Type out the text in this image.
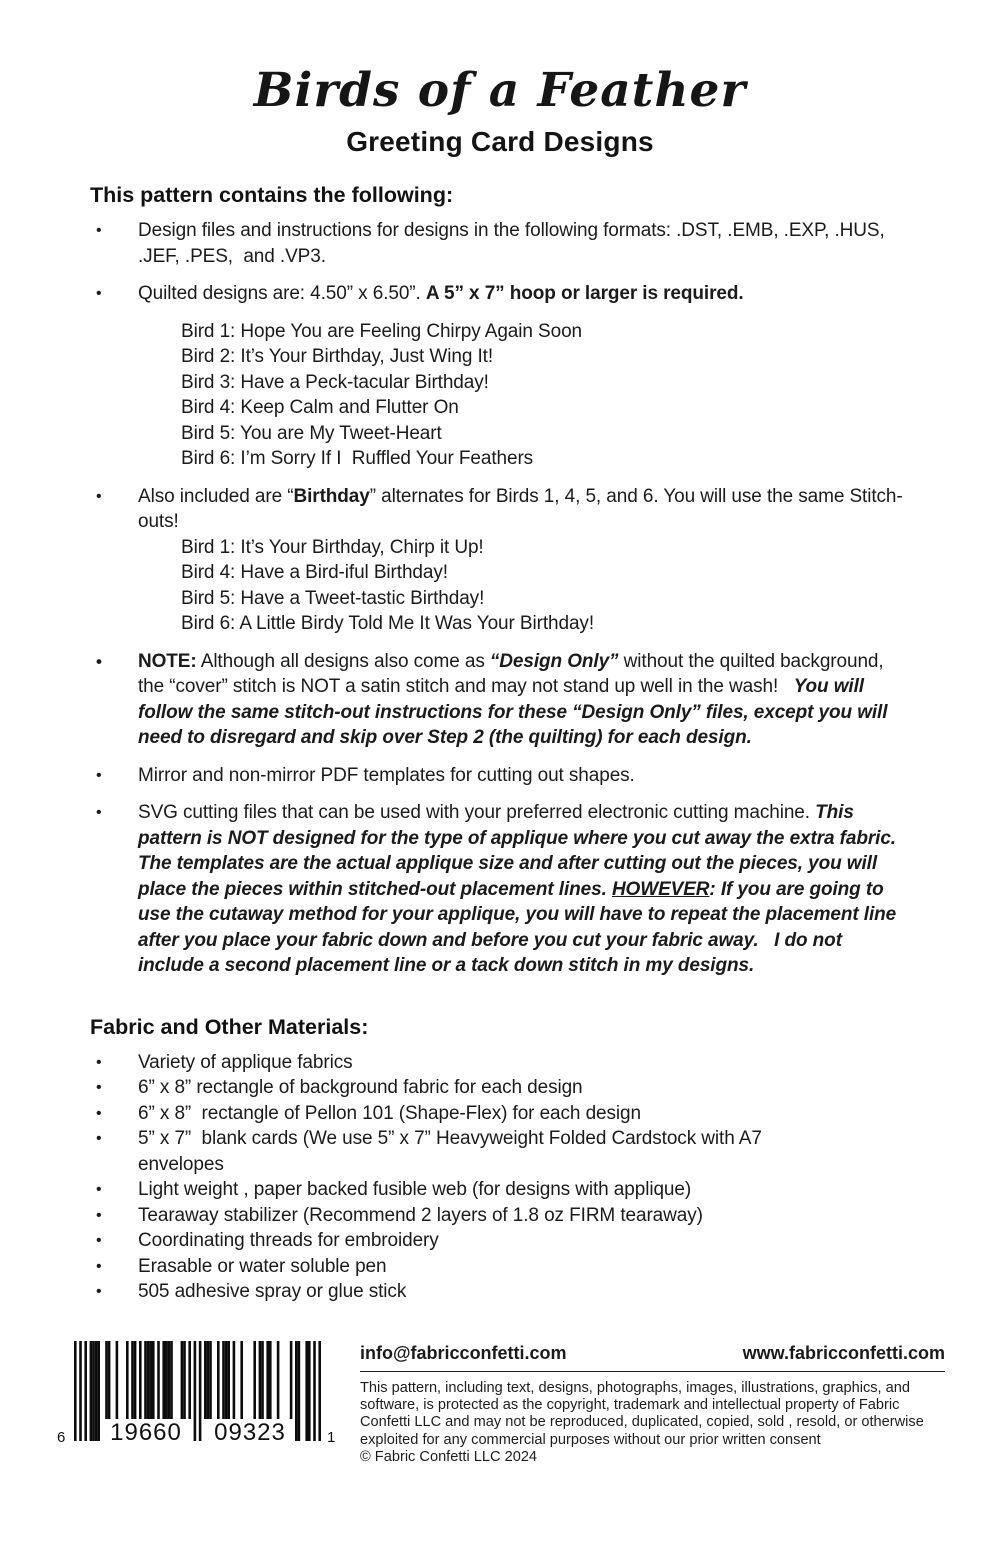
Birds of a Feather
Greeting Card Designs
This pattern contains the following:
•	Design files and instructions for designs in the following formats: .DST, .EMB, .EXP, .HUS, .JEF, .PES,  and .VP3.
•	Quilted designs are: 4.50” x 6.50”. A 5” x 7” hoop or larger is required.
Bird 1: Hope You are Feeling Chirpy Again Soon
Bird 2: It’s Your Birthday, Just Wing It!
Bird 3: Have a Peck-tacular Birthday!
Bird 4: Keep Calm and Flutter On
Bird 5: You are My Tweet-Heart
Bird 6: I’m Sorry If I  Ruffled Your Feathers
•	Also included are “Birthday” alternates for Birds 1, 4, 5, and 6. You will use the same Stitch-outs!
Bird 1: It’s Your Birthday, Chirp it Up!
Bird 4: Have a Bird-iful Birthday!
Bird 5: Have a Tweet-tastic Birthday!
Bird 6: A Little Birdy Told Me It Was Your Birthday!
•	NOTE: Although all designs also come as “Design Only” without the quilted background, the “cover” stitch is NOT a satin stitch and may not stand up well in the wash!   You will follow the same stitch-out instructions for these “Design Only” files, except you will need to disregard and skip over Step 2 (the quilting) for each design.
•	Mirror and non-mirror PDF templates for cutting out shapes.
•	SVG cutting files that can be used with your preferred electronic cutting machine. This pattern is NOT designed for the type of applique where you cut away the extra fabric. The templates are the actual applique size and after cutting out the pieces, you will place the pieces within stitched-out placement lines. HOWEVER: If you are going to use the cutaway method for your applique, you will have to repeat the placement line after you place your fabric down and before you cut your fabric away.   I do not include a second placement line or a tack down stitch in my designs.
Fabric and Other Materials:
•	Variety of applique fabrics
•	6” x 8” rectangle of background fabric for each design
•	6” x 8”  rectangle of Pellon 101 (Shape-Flex) for each design
•	5” x 7”  blank cards (We use 5” x 7” Heavyweight Folded Cardstock with A7
envelopes
•	Light weight , paper backed fusible web (for designs with applique)
•	Tearaway stabilizer (Recommend 2 layers of 1.8 oz FIRM tearaway)
•	Coordinating threads for embroidery
•	Erasable or water soluble pen
•	505 adhesive spray or glue stick
6	19660	09323	1
info@fabricconfetti.com	www.fabricconfetti.com

This pattern, including text, designs, photographs, images, illustrations, graphics, and software, is protected as the copyright, trademark and intellectual property of Fabric Confetti LLC and may not be reproduced, duplicated, copied, sold , resold, or otherwise exploited for any commercial purposes without our prior written consent

© Fabric Confetti LLC 2024
